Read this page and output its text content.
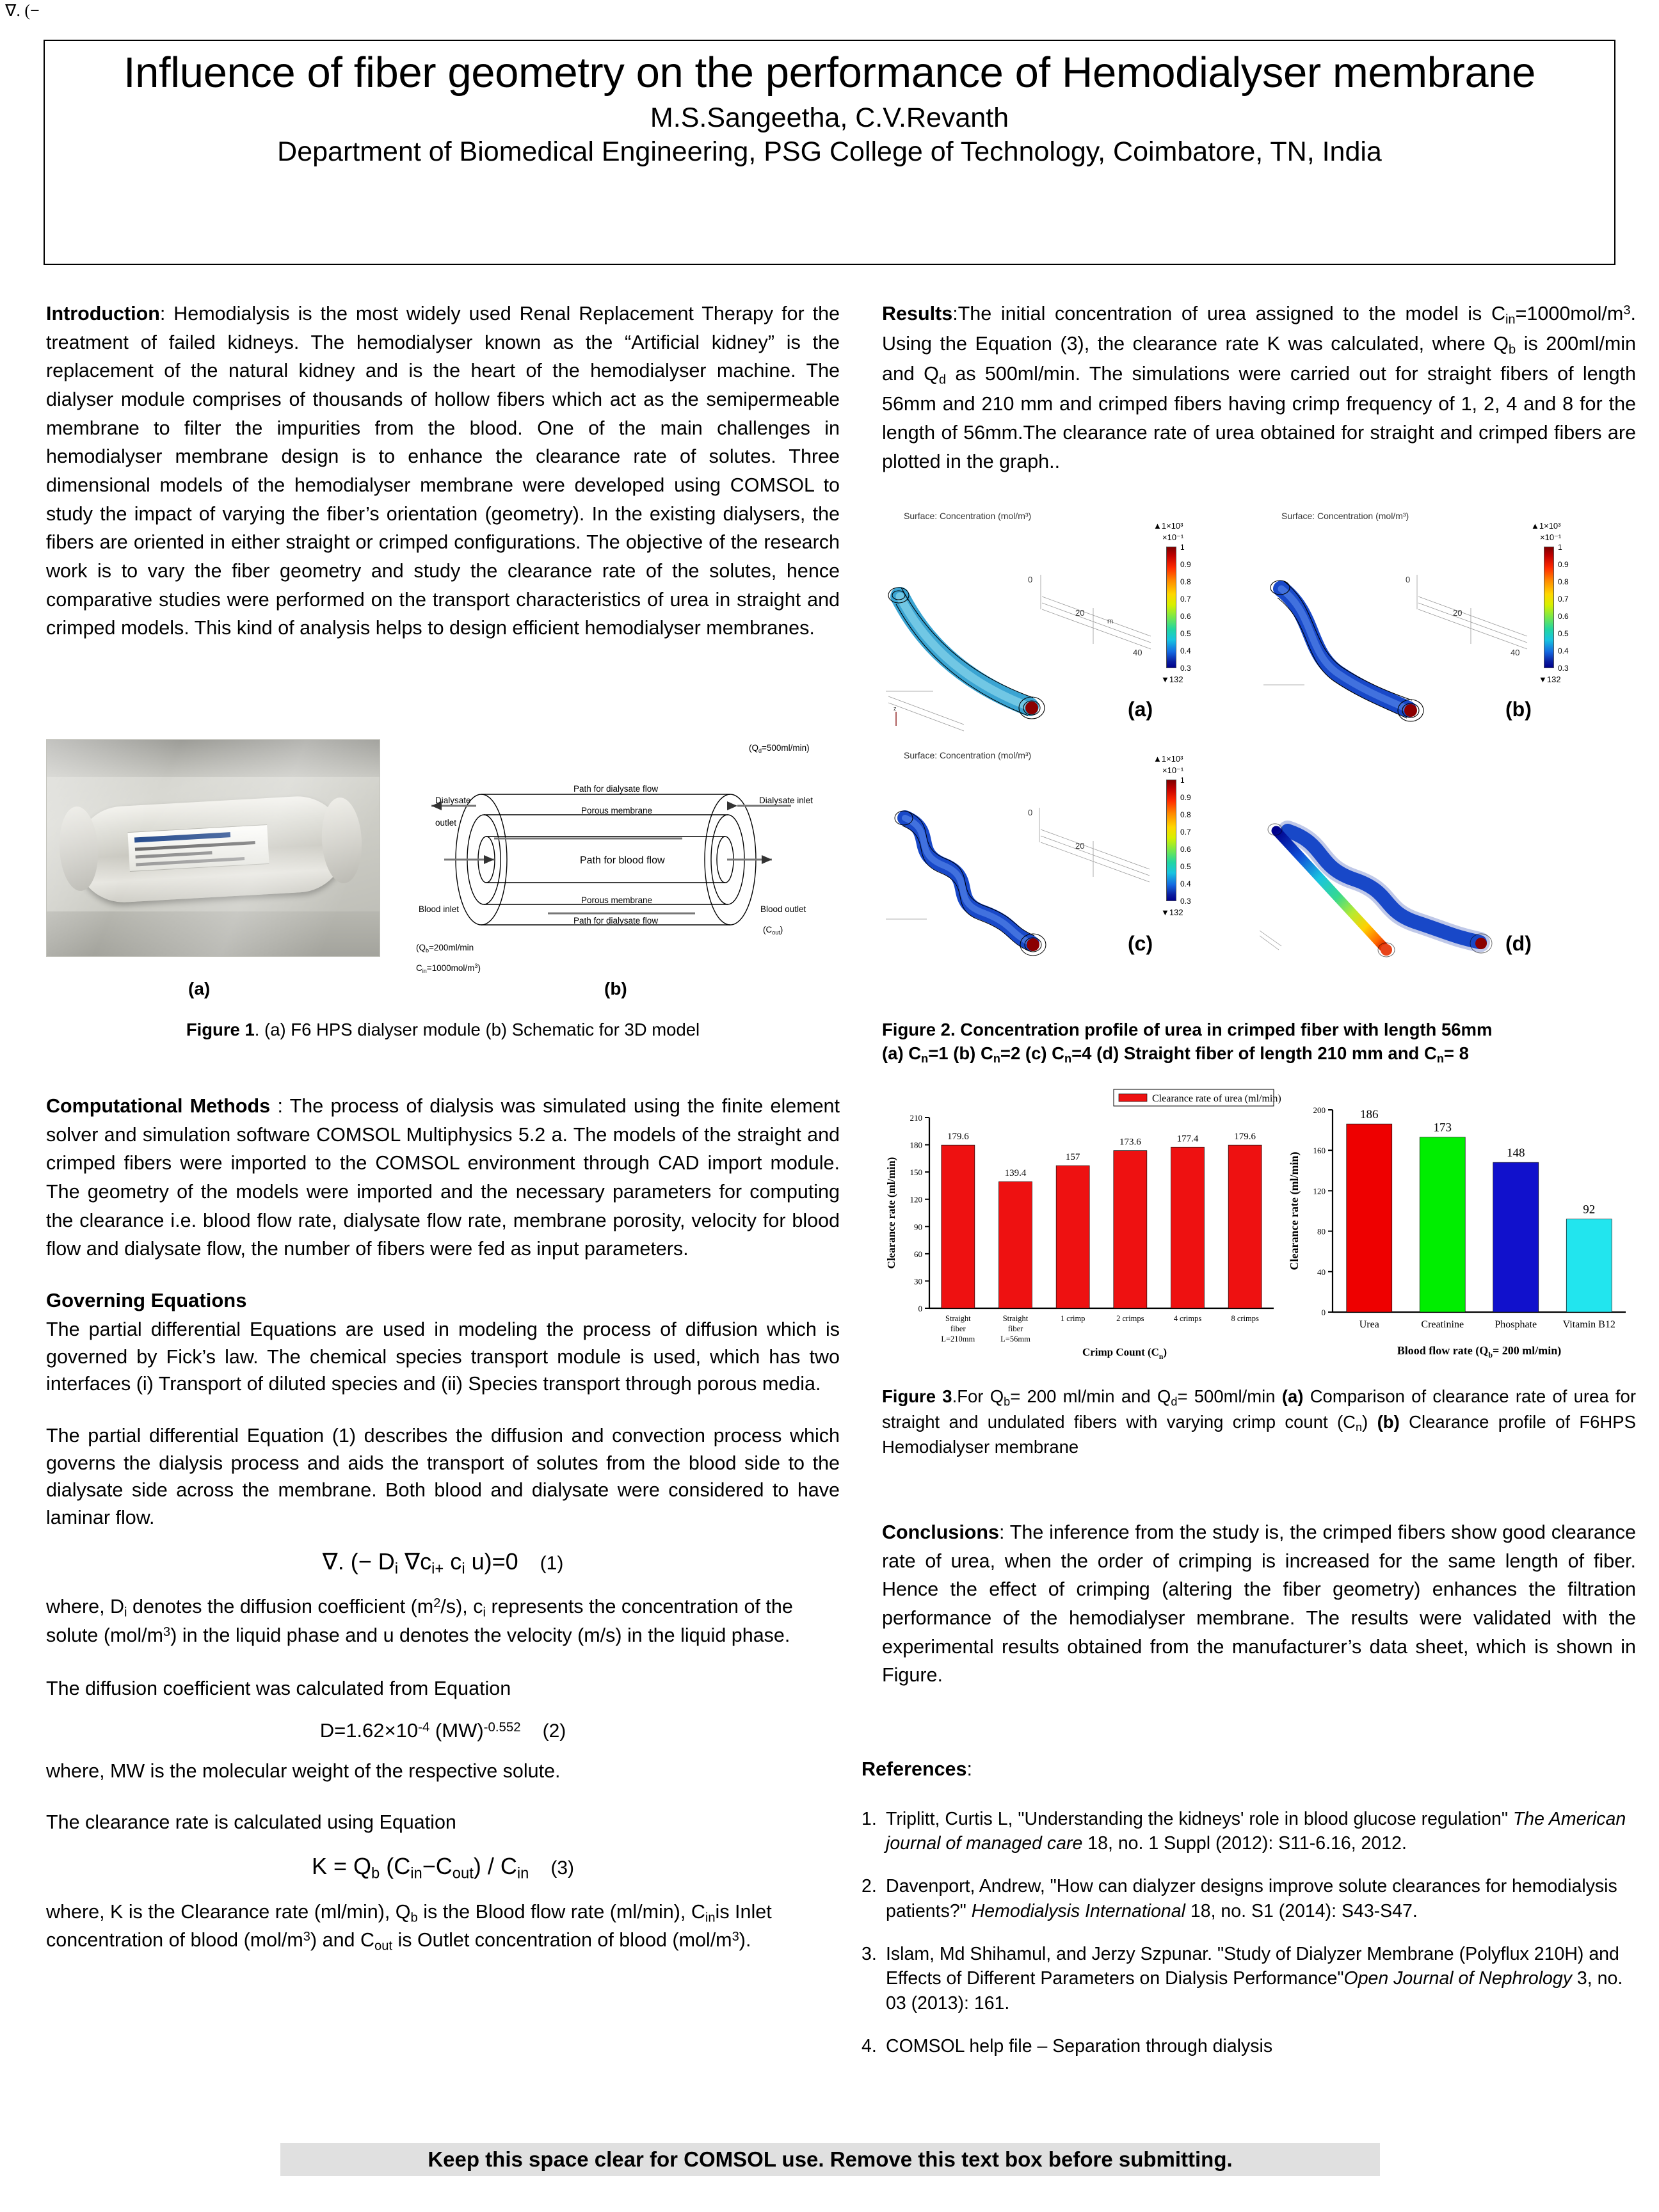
∇. (−
Influence of fiber geometry on the performance of Hemodialyser membrane
M.S.Sangeetha, C.V.Revanth
Department of Biomedical Engineering, PSG College of Technology, Coimbatore, TN, India
Introduction: Hemodialysis is the most widely used Renal Replacement Therapy for the treatment of failed kidneys. The hemodialyser known as the “Artificial kidney” is the replacement of the natural kidney and is the heart of the hemodialyser machine. The dialyser module comprises of thousands of hollow fibers which act as the semipermeable membrane to filter the impurities from the blood. One of the main challenges in hemodialyser membrane design is to enhance the clearance rate of solutes. Three dimensional models of the hemodialyser membrane were developed using COMSOL to study the impact of varying the fiber’s orientation (geometry). In the existing dialysers, the fibers are oriented in either straight or crimped configurations. The objective of the research work is to vary the fiber geometry and study the clearance rate of the solutes, hence comparative studies were performed on the transport characteristics of urea in straight and crimped models. This kind of analysis helps to design efficient hemodialyser membranes.
Dialysate
outlet
Dialysate inlet
Blood inlet	Blood outlet
Path for dialysate flow
Porous membrane
Path for blood flow
Porous membrane
Path for dialysate flow
$(Q_d=500ml/\min)$
$(C_{out})$
($Q_b=200ml/\min$
$C_{in}=1000mol/m^3$)
(a)	(b)
Figure 1. (a) F6 HPS dialyser module (b) Schematic for 3D model
Computational Methods : The process of dialysis was simulated using the finite element solver and simulation software COMSOL Multiphysics 5.2 a. The models of the straight and crimped fibers were imported to the COMSOL environment through CAD import module. The geometry of the models were imported and the necessary parameters for computing the clearance i.e. blood flow rate, dialysate flow rate, membrane porosity, velocity for blood flow and dialysate flow, the number of fibers were fed as input parameters.
Governing Equations
The partial differential Equations are used in modeling the process of diffusion which is governed by Fick’s law. The chemical species transport module is used, which has two interfaces (i) Transport of diluted species and (ii) Species transport through porous media.
The partial differential Equation (1) describes the diffusion and convection process which governs the dialysis process and aids the transport of solutes from the blood side to the dialysate side across the membrane. Both blood and dialysate were considered to have laminar flow.
∇. (− $D_i$ $\nabla c_{i+}$ $c_i$ u)=0 (1)
where, $D_i$ denotes the diffusion coefficient $(m^2/s)$, $c_i$ represents the concentration of the solute $(mol/m^3)$ in the liquid phase and u denotes the velocity (m/s) in the liquid phase.
The diffusion coefficient was calculated from Equation
$D=1.62\times 10^{-4}$ (MW)$^{-0.552}$ (2)
where, MW is the molecular weight of the respective solute.
The clearance rate is calculated using Equation
$K = Q_b$ $(C_{in}-C_{out}) / C_{in}$ (3)
where, K is the Clearance rate (ml/min), $Q_b$ is the Blood flow rate (ml/min), $C_{in}is$ Inlet concentration of blood $(mol/m^3)$ and $C_{out}$ is Outlet concentration of blood $(mol/m^3)$.
Results:The initial concentration of urea assigned to the model is $C_{in}=1000mol/m^3$. Using the Equation (3), the clearance rate K was calculated, where $Q_b$ is 200ml/min and $Q_d$ as 500ml/min. The simulations were carried out for straight fibers of length 56mm and 210 mm and crimped fibers having crimp frequency of 1, 2, 4 and 8 for the length of 56mm.The clearance rate of urea obtained for straight and crimped fibers are plotted in the graph..
Surface: Concentration (mol/m³)
0
20
40
m
z
▲1×10³
×10⁻¹
1
0.9
0.8
0.7
0.6
0.5
0.4
0.3
▼132
(a)
Surface: Concentration (mol/m³)
0
20
40
▲1×10³
×10⁻¹
1
0.9
0.8
0.7
0.6
0.5
0.4
0.3
▼132
(b)
Surface: Concentration (mol/m³)
0
20
▲1×10³
×10⁻¹
1
0.9
0.8
0.7
0.6
0.5
0.4
0.3
▼132
(c)	(d)
Figure 2. Concentration profile of urea in crimped fiber with length 56mm
(a) $C_n=1$ (b) $C_n=2$ (c) $C_n=4$ (d) Straight fiber of length 210 mm and $C_n= 8$
0
30
60
90
120
150
180
210
179.6
Straight
fiber
L=210mm
139.4
Straight
fiber
L=56mm
157
1 crimp
173.6
2 crimps
177.4
4 crimps
179.6
8 crimps
Clearance rate (ml/min)
Crimp Count $(C_n)$
Clearance rate of urea (ml/min)
0
40
80
120
160
200	186
Urea
173
Creatinine
148
Phosphate
92
Vitamin B12
Clearance rate (ml/min)
Blood flow rate ($Q_b= 200$ ml/min)
Figure 3.For $Q_b= 200$ ml/min and $Q_d= 500ml/\min$ (a) Comparison of clearance rate of urea for straight and undulated fibers with varying crimp count $(C_n)$ (b) Clearance profile of F6HPS Hemodialyser membrane
Conclusions: The inference from the study is, the crimped fibers show good clearance rate of urea, when the order of crimping is increased for the same length of fiber. Hence the effect of crimping (altering the fiber geometry) enhances the filtration performance of the hemodialyser membrane. The results were validated with the experimental results obtained from the manufacturer’s data sheet, which is shown in Figure.
References:
1. Triplitt, Curtis L, "Understanding the kidneys' role in blood glucose regulation" The American journal of managed care 18, no. 1 Suppl (2012): S11-6.16, 2012.
2. Davenport, Andrew, "How can dialyzer designs improve solute clearances for hemodialysis patients?" Hemodialysis International 18, no. S1 (2014): S43-S47.
3. Islam, Md Shihamul, and Jerzy Szpunar. "Study of Dialyzer Membrane (Polyflux 210H) and Effects of Different Parameters on Dialysis Performance"Open Journal of Nephrology 3, no. 03 (2013): 161.
4. COMSOL help file – Separation through dialysis
Keep this space clear for COMSOL use. Remove this text box before submitting.
